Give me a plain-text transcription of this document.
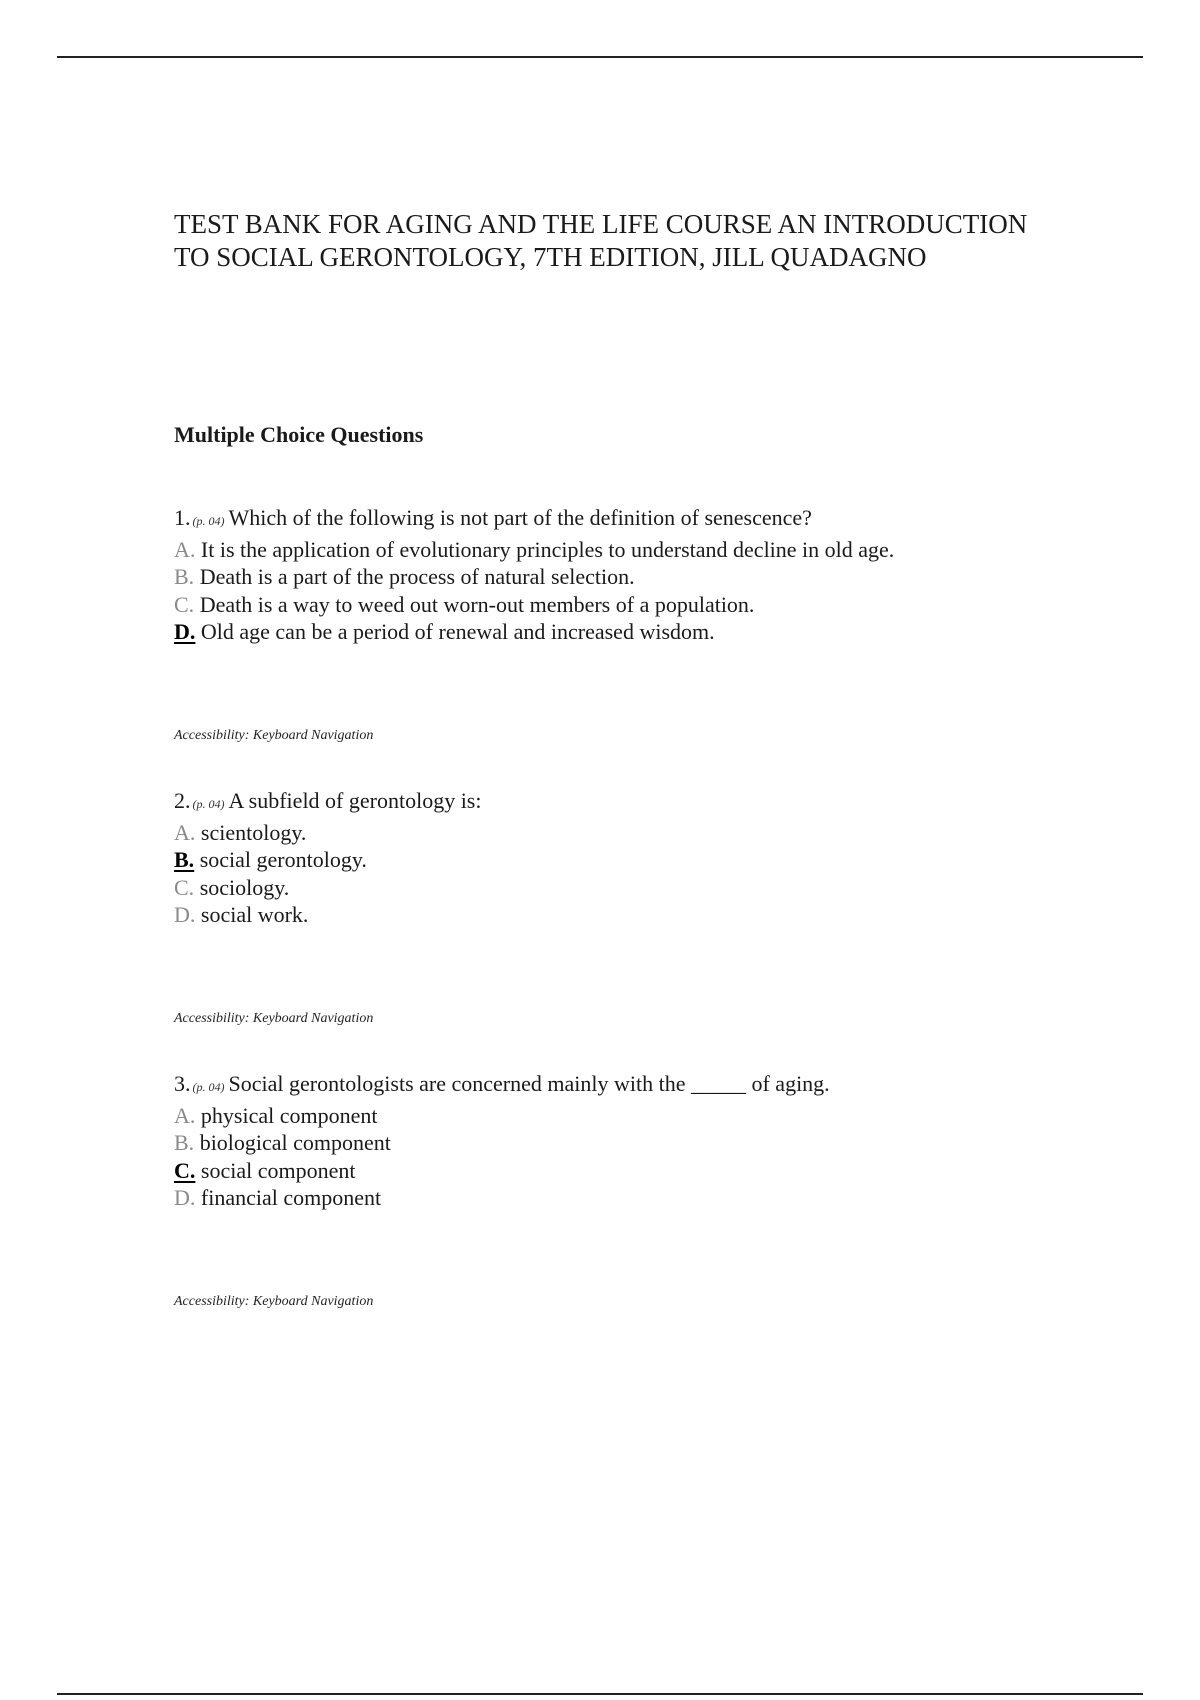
TEST BANK FOR AGING AND THE LIFE COURSE AN INTRODUCTION
TO SOCIAL GERONTOLOGY, 7TH EDITION, JILL QUADAGNO
Multiple Choice Questions
1. (p. 04) Which of the following is not part of the definition of senescence?
A. It is the application of evolutionary principles to understand decline in old age.
B. Death is a part of the process of natural selection.
C. Death is a way to weed out worn-out members of a population.
D. Old age can be a period of renewal and increased wisdom.
Accessibility: Keyboard Navigation
2. (p. 04) A subfield of gerontology is:
A. scientology.
B. social gerontology.
C. sociology.
D. social work.
Accessibility: Keyboard Navigation
3. (p. 04) Social gerontologists are concerned mainly with the _____ of aging.
A. physical component
B. biological component
C. social component
D. financial component
Accessibility: Keyboard Navigation
